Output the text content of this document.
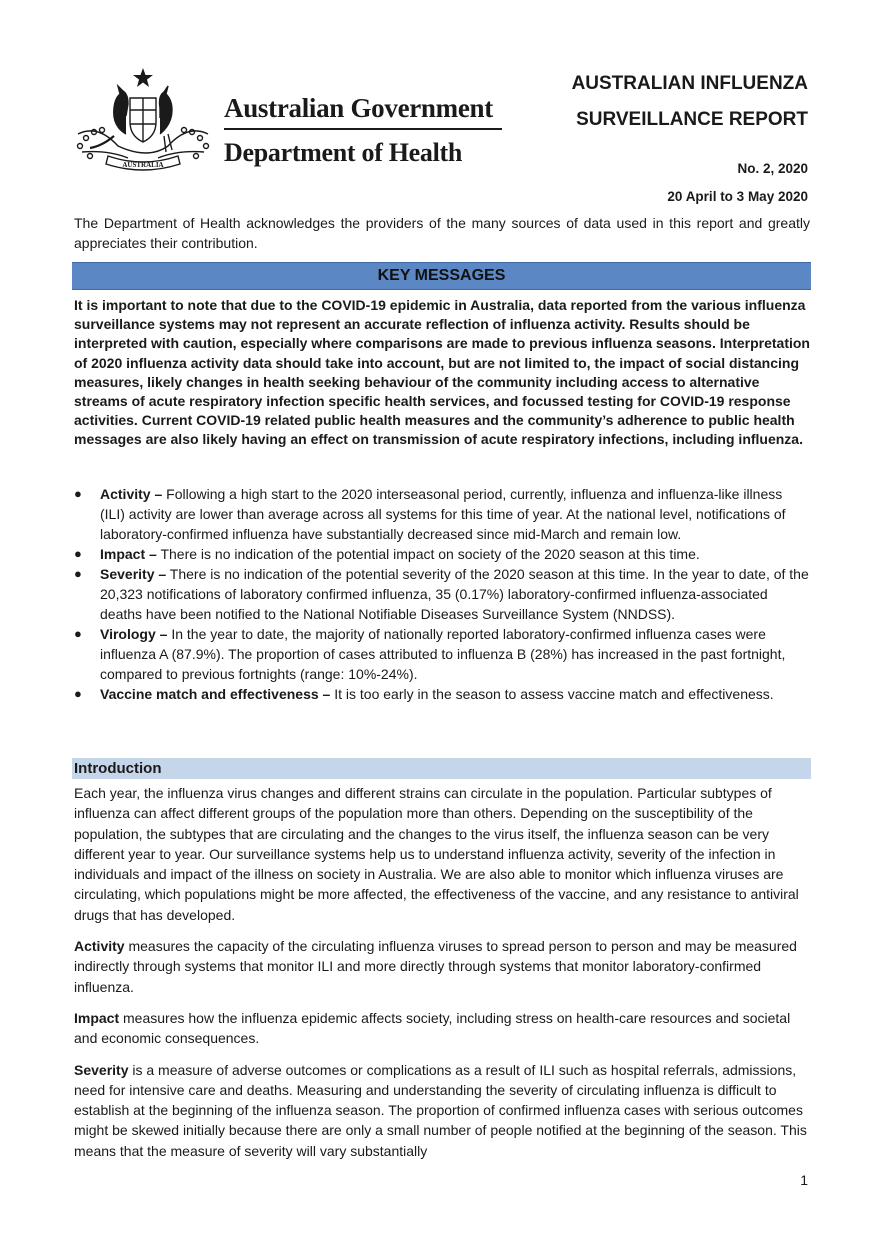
AUSTRALIA
Australian Government
Department of Health
AUSTRALIAN INFLUENZA
SURVEILLANCE REPORT
No. 2, 2020
20 April to 3 May 2020
The Department of Health acknowledges the providers of the many sources of data used in this report and greatly appreciates their contribution.
KEY MESSAGES
It is important to note that due to the COVID-19 epidemic in Australia, data reported from the various influenza surveillance systems may not represent an accurate reflection of influenza activity. Results should be interpreted with caution, especially where comparisons are made to previous influenza seasons. Interpretation of 2020 influenza activity data should take into account, but are not limited to, the impact of social distancing measures, likely changes in health seeking behaviour of the community including access to alternative streams of acute respiratory infection specific health services, and focussed testing for COVID-19 response activities. Current COVID-19 related public health measures and the community’s adherence to public health messages are also likely having an effect on transmission of acute respiratory infections, including influenza.
● Activity – Following a high start to the 2020 interseasonal period, currently, influenza and influenza-like illness (ILI) activity are lower than average across all systems for this time of year. At the national level, notifications of laboratory-confirmed influenza have substantially decreased since mid-March and remain low.
● Impact – There is no indication of the potential impact on society of the 2020 season at this time.
● Severity – There is no indication of the potential severity of the 2020 season at this time. In the year to date, of the 20,323 notifications of laboratory confirmed influenza, 35 (0.17%) laboratory-confirmed influenza-associated deaths have been notified to the National Notifiable Diseases Surveillance System (NNDSS).
● Virology – In the year to date, the majority of nationally reported laboratory-confirmed influenza cases were influenza A (87.9%). The proportion of cases attributed to influenza B (28%) has increased in the past fortnight, compared to previous fortnights (range: 10%-24%).
● Vaccine match and effectiveness – It is too early in the season to assess vaccine match and effectiveness.
Introduction

Each year, the influenza virus changes and different strains can circulate in the population. Particular subtypes of influenza can affect different groups of the population more than others. Depending on the susceptibility of the population, the subtypes that are circulating and the changes to the virus itself, the influenza season can be very different year to year. Our surveillance systems help us to understand influenza activity, severity of the infection in individuals and impact of the illness on society in Australia. We are also able to monitor which influenza viruses are circulating, which populations might be more affected, the effectiveness of the vaccine, and any resistance to antiviral drugs that has developed.

Activity measures the capacity of the circulating influenza viruses to spread person to person and may be measured indirectly through systems that monitor ILI and more directly through systems that monitor laboratory-confirmed influenza.

Impact measures how the influenza epidemic affects society, including stress on health-care resources and societal and economic consequences.

Severity is a measure of adverse outcomes or complications as a result of ILI such as hospital referrals, admissions, need for intensive care and deaths. Measuring and understanding the severity of circulating influenza is difficult to establish at the beginning of the influenza season. The proportion of confirmed influenza cases with serious outcomes might be skewed initially because there are only a small number of people notified at the beginning of the season. This means that the measure of severity will vary substantially

1
